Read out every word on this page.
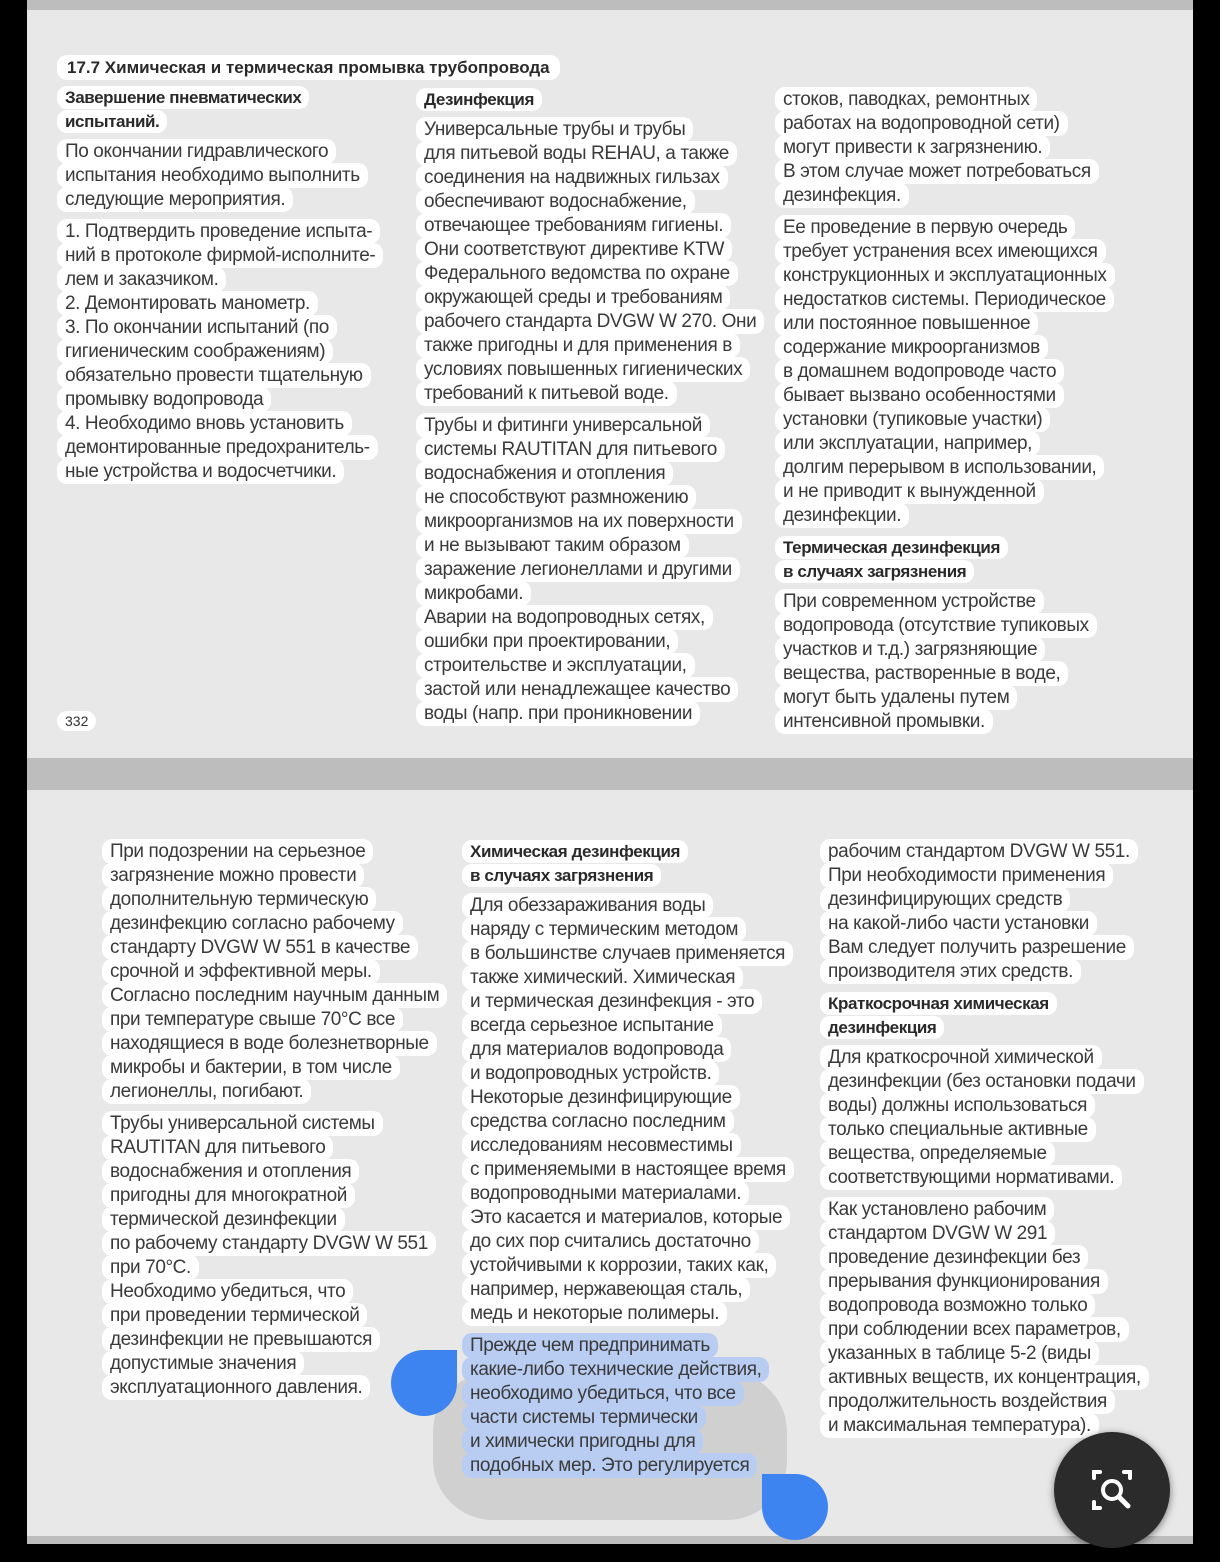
17.7 Химическая и термическая промывка трубопровода
Завершение пневматических
испытаний.

По окончании гидравлического
испытания необходимо выполнить
следующие мероприятия.

1. Подтвердить проведение испыта-
ний в протоколе фирмой-исполните-
лем и заказчиком.
2. Демонтировать манометр.
3. По окончании испытаний (по
гигиеническим соображениям)
обязательно провести тщательную
промывку водопровода
4. Необходимо вновь установить
демонтированные предохранитель-
ные устройства и водосчетчики.

Дезинфекция

Универсальные трубы и трубы
для питьевой воды REHAU, а также
соединения на надвижных гильзах
обеспечивают водоснабжение,
отвечающее требованиям гигиены.
Они соответствуют директиве KTW
Федерального ведомства по охране
окружающей среды и требованиям
рабочего стандарта DVGW W 270. Они
также пригодны и для применения в
условиях повышенных гигиенических
требований к питьевой воде.

Трубы и фитинги универсальной
системы RAUTITAN для питьевого
водоснабжения и отопления
не способствуют размножению
микроорганизмов на их поверхности
и не вызывают таким образом
заражение легионеллами и другими
микробами.
Аварии на водопроводных сетях,
ошибки при проектировании,
строительстве и эксплуатации,
застой или ненадлежащее качество
воды (напр. при проникновении

стоков, паводках, ремонтных
работах на водопроводной сети)
могут привести к загрязнению.
В этом случае может потребоваться
дезинфекция.

Ее проведение в первую очередь
требует устранения всех имеющихся
конструкционных и эксплуатационных
недостатков системы. Периодическое
или постоянное повышенное
содержание микроорганизмов
в домашнем водопроводе часто
бывает вызвано особенностями
установки (тупиковые участки)
или эксплуатации, например,
долгим перерывом в использовании,
и не приводит к вынужденной
дезинфекции.

Термическая дезинфекция
в случаях загрязнения

При современном устройстве
водопровода (отсутствие тупиковых
участков и т.д.) загрязняющие
вещества, растворенные в воде,
могут быть удалены путем
интенсивной промывки.

332

При подозрении на серьезное
загрязнение можно провести
дополнительную термическую
дезинфекцию согласно рабочему
стандарту DVGW W 551 в качестве
срочной и эффективной меры.
Согласно последним научным данным
при температуре свыше 70°C все
находящиеся в воде болезнетворные
микробы и бактерии, в том числе
легионеллы, погибают.

Трубы универсальной системы
RAUTITAN для питьевого
водоснабжения и отопления
пригодны для многократной
термической дезинфекции
по рабочему стандарту DVGW W 551
при 70°C.
Необходимо убедиться, что
при проведении термической
дезинфекции не превышаются
допустимые значения
эксплуатационного давления.

Химическая дезинфекция
в случаях загрязнения

Для обеззараживания воды
наряду с термическим методом
в большинстве случаев применяется
также химический. Химическая
и термическая дезинфекция - это
всегда серьезное испытание
для материалов водопровода
и водопроводных устройств.
Некоторые дезинфицирующие
средства согласно последним
исследованиям несовместимы
с применяемыми в настоящее время
водопроводными материалами.
Это касается и материалов, которые
до сих пор считались достаточно
устойчивыми к коррозии, таких как,
например, нержавеющая сталь,
медь и некоторые полимеры.

Прежде чем предпринимать
какие-либо технические действия,
необходимо убедиться, что все
части системы термически
и химически пригодны для
подобных мер. Это регулируется

рабочим стандартом DVGW W 551.
При необходимости применения
дезинфицирующих средств
на какой-либо части установки
Вам следует получить разрешение
производителя этих средств.

Краткосрочная химическая
дезинфекция

Для краткосрочной химической
дезинфекции (без остановки подачи
воды) должны использоваться
только специальные активные
вещества, определяемые
соответствующими нормативами.

Как установлено рабочим
стандартом DVGW W 291
проведение дезинфекции без
прерывания функционирования
водопровода возможно только
при соблюдении всех параметров,
указанных в таблице 5-2 (виды
активных веществ, их концентрация,
продолжительность воздействия
и максимальная температура).
